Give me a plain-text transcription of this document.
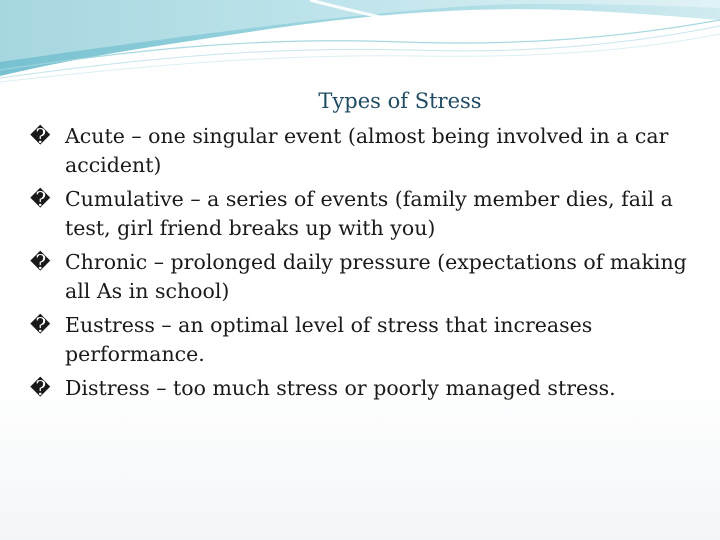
Types of Stress
� Acute – one singular event (almost being involved in a car accident)
� Cumulative – a series of events (family member dies, fail a test, girl friend breaks up with you)
� Chronic – prolonged daily pressure (expectations of making all As in school)
� Eustress – an optimal level of stress that increases performance.
� Distress – too much stress or poorly managed stress.
